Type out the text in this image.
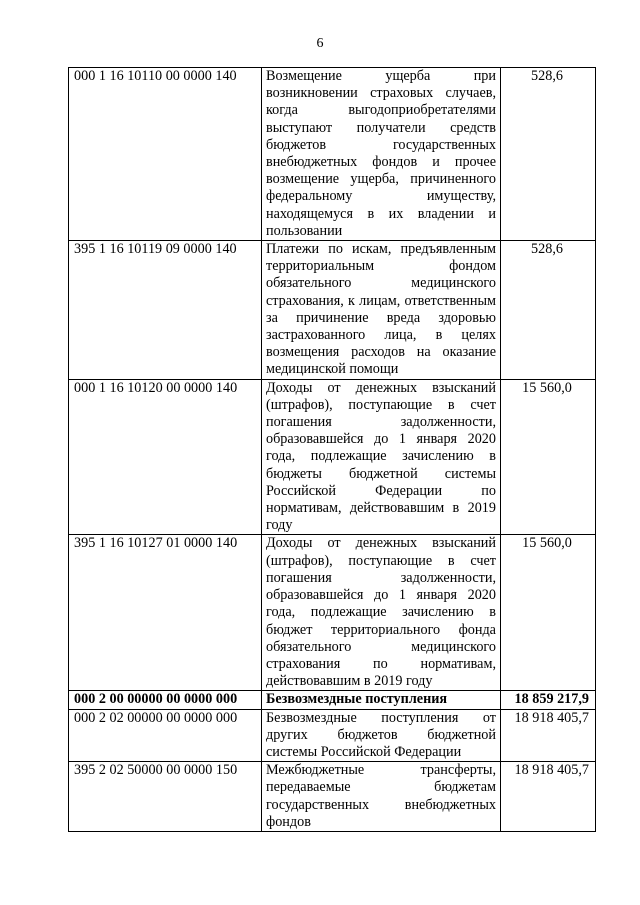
6
000 1 16 10110 00 0000 140	Возмещение ущерба при возникновении страховых случаев, когда выгодоприобретателями выступают получатели средств бюджетов государственных внебюджетных фондов и прочее возмещение ущерба, причиненного федеральному имуществу, находящемуся в их владении и пользовании	528,6
395 1 16 10119 09 0000 140	Платежи по искам, предъявленным территориальным фондом обязательного медицинского страхования, к лицам, ответственным за причинение вреда здоровью застрахованного лица, в целях возмещения расходов на оказание медицинской помощи	528,6
000 1 16 10120 00 0000 140	Доходы от денежных взысканий (штрафов), поступающие в счет погашения задолженности, образовавшейся до 1 января 2020 года, подлежащие зачислению в бюджеты бюджетной системы Российской Федерации по нормативам, действовавшим в 2019 году	15 560,0
395 1 16 10127 01 0000 140	Доходы от денежных взысканий (штрафов), поступающие в счет погашения задолженности, образовавшейся до 1 января 2020 года, подлежащие зачислению в бюджет территориального фонда обязательного медицинского страхования по нормативам, действовавшим в 2019 году	15 560,0
000 2 00 00000 00 0000 000	Безвозмездные поступления	18 859 217,9
000 2 02 00000 00 0000 000	Безвозмездные поступления от других бюджетов бюджетной системы Российской Федерации	18 918 405,7
395 2 02 50000 00 0000 150	Межбюджетные трансферты, передаваемые бюджетам государственных внебюджетных фондов	18 918 405,7
